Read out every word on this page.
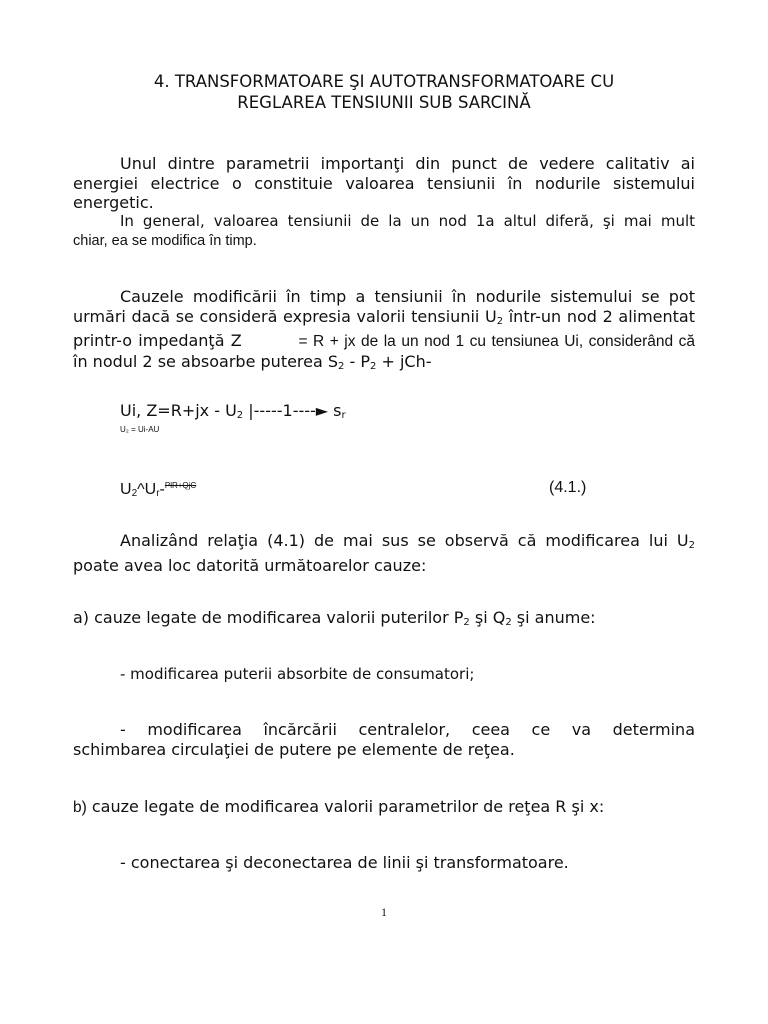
4. TRANSFORMATOARE ŞI AUTOTRANSFORMATOARE CU
REGLAREA TENSIUNII SUB SARCINĂ
Unul dintre parametrii importanţi din punct de vedere calitativ ai
energiei electrice o constituie valoarea tensiunii în nodurile sistemului
energetic.
In general, valoarea tensiunii de la un nod 1a altul diferă, şi mai mult
chiar, ea se modifica în timp.
Cauzele modificării în timp a tensiunii în nodurile sistemului se pot
urmări dacă se consideră expresia valorii tensiunii $U_2$ într-un nod 2 alimentat
printr-o impedanţă Z	= R + jx de la un nod 1 cu tensiunea Ui, considerând că
în nodul 2 se absoarbe puterea $S_2 - P_2 + jCh-$
Ui, $Z=R+jx - U_2$ |-----1----► $s_r$
U₂ = Ui-AU
$U_2\^{}U_r-^{PlR+QjC}$	(4.1.)
Analizând relaţia (4.1) de mai sus se observă că modificarea lui $U_2$
poate avea loc datorită următoarelor cauze:
a) cauze legate de modificarea valorii puterilor $P_2$ şi $Q_2$ şi anume:
- modificarea puterii absorbite de consumatori;
- modificarea încărcării centralelor, ceea ce va determina
schimbarea circulaţiei de putere pe elemente de reţea.
b) cauze legate de modificarea valorii parametrilor de reţea R şi x:
- conectarea şi deconectarea de linii şi transformatoare.
1
